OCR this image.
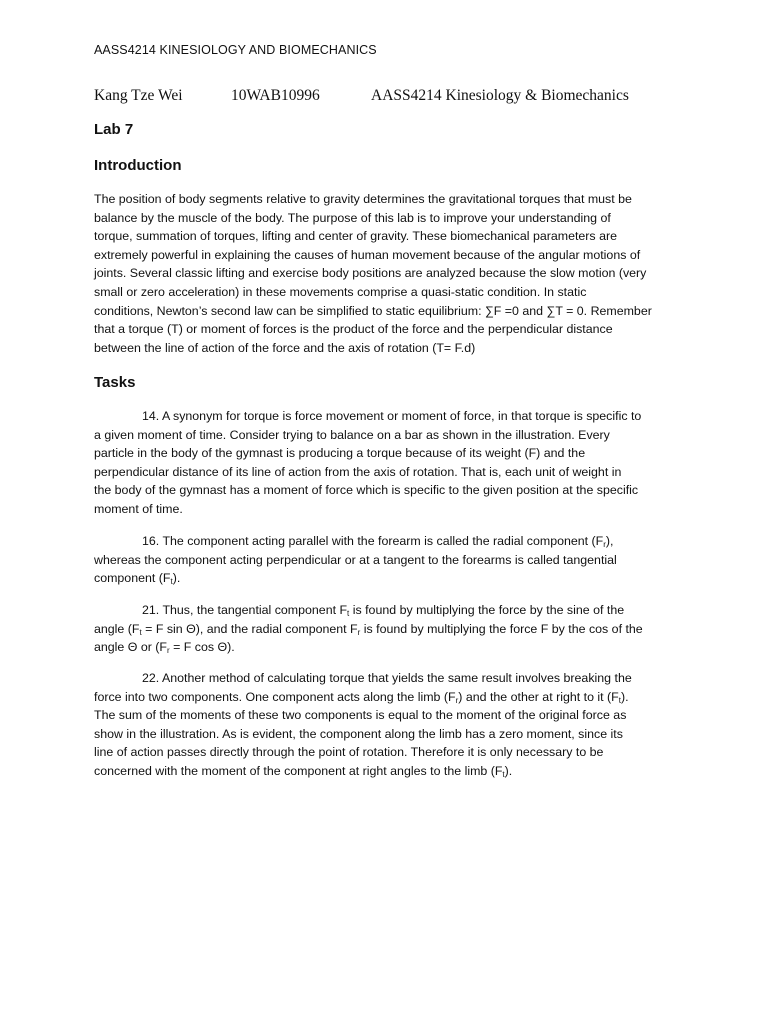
AASS4214 KINESIOLOGY AND BIOMECHANICS
Kang Tze Wei	10WAB10996	AASS4214 Kinesiology & Biomechanics
Lab 7
Introduction
The position of body segments relative to gravity determines the gravitational torques that must be
balance by the muscle of the body. The purpose of this lab is to improve your understanding of
torque, summation of torques, lifting and center of gravity. These biomechanical parameters are
extremely powerful in explaining the causes of human movement because of the angular motions of
joints. Several classic lifting and exercise body positions are analyzed because the slow motion (very
small or zero acceleration) in these movements comprise a quasi-static condition. In static
conditions, Newton’s second law can be simplified to static equilibrium: ∑F =0 and ∑T = 0. Remember
that a torque (T) or moment of forces is the product of the force and the perpendicular distance
between the line of action of the force and the axis of rotation (T= F.d)
Tasks
14. A synonym for torque is force movement or moment of force, in that torque is specific to
a given moment of time. Consider trying to balance on a bar as shown in the illustration. Every
particle in the body of the gymnast is producing a torque because of its weight (F) and the
perpendicular distance of its line of action from the axis of rotation. That is, each unit of weight in
the body of the gymnast has a moment of force which is specific to the given position at the specific
moment of time.
16. The component acting parallel with the forearm is called the radial component $(F_r)$,
whereas the component acting perpendicular or at a tangent to the forearms is called tangential
component $(F_t)$.
21. Thus, the tangential component $F_t$ is found by multiplying the force by the sine of the
angle ($F_t = F$ sin Θ), and the radial component $F_r$ is found by multiplying the force F by the cos of the
angle Θ or ($F_r = F$ cos Θ).
22. Another method of calculating torque that yields the same result involves breaking the
force into two components. One component acts along the limb $(F_r)$ and the other at right to it $(F_t)$.
The sum of the moments of these two components is equal to the moment of the original force as
show in the illustration. As is evident, the component along the limb has a zero moment, since its
line of action passes directly through the point of rotation. Therefore it is only necessary to be
concerned with the moment of the component at right angles to the limb $(F_t)$.
